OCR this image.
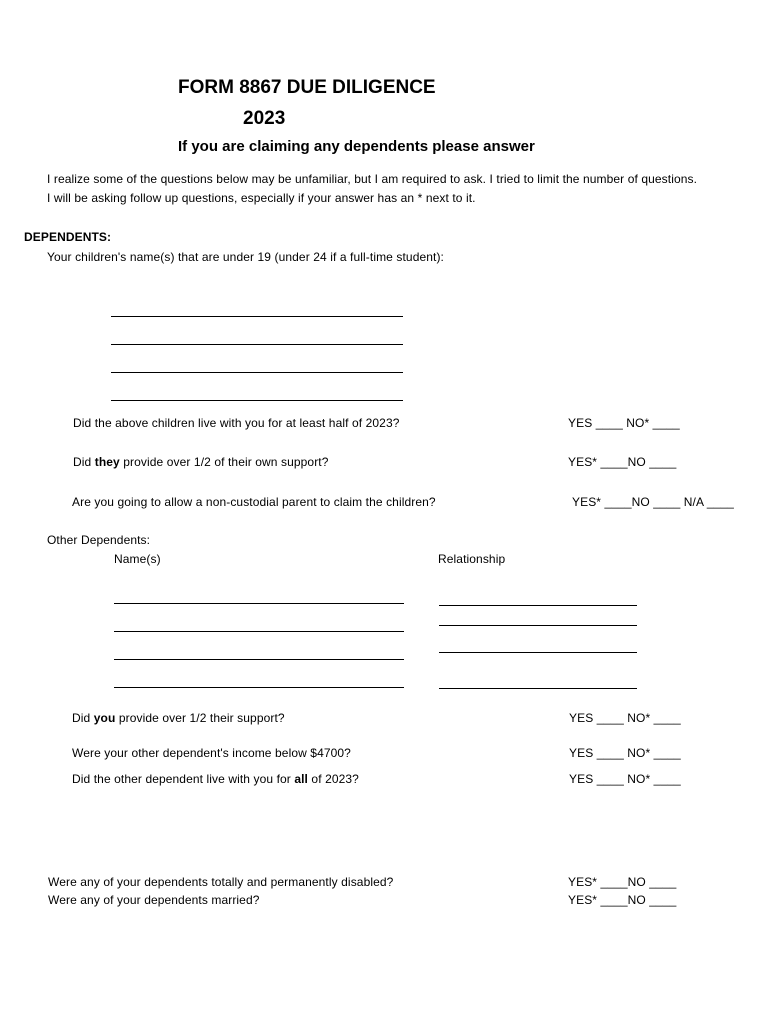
FORM 8867 DUE DILIGENCE
2023
If you are claiming any dependents please answer
I realize some of the questions below may be unfamiliar, but I am required to ask. I tried to limit the number of questions.
I will be asking follow up questions, especially if your answer has an * next to it.
DEPENDENTS:
Your children's name(s) that are under 19 (under 24 if a full-time student):
Did the above children live with you for at least half of 2023?	YES ____ NO* ____
Did they provide over 1/2 of their own support?	YES* ____NO ____
Are you going to allow a non-custodial parent to claim the children?	YES* ____NO ____ N/A ____
Other Dependents:
Name(s)	Relationship
Did you provide over 1/2 their support?	YES ____ NO* ____
Were your other dependent's income below $4700?	YES ____ NO* ____
Did the other dependent live with you for all of 2023?	YES ____ NO* ____
Were any of your dependents totally and permanently disabled?	YES* ____NO ____
Were any of your dependents married?	YES* ____NO ____
